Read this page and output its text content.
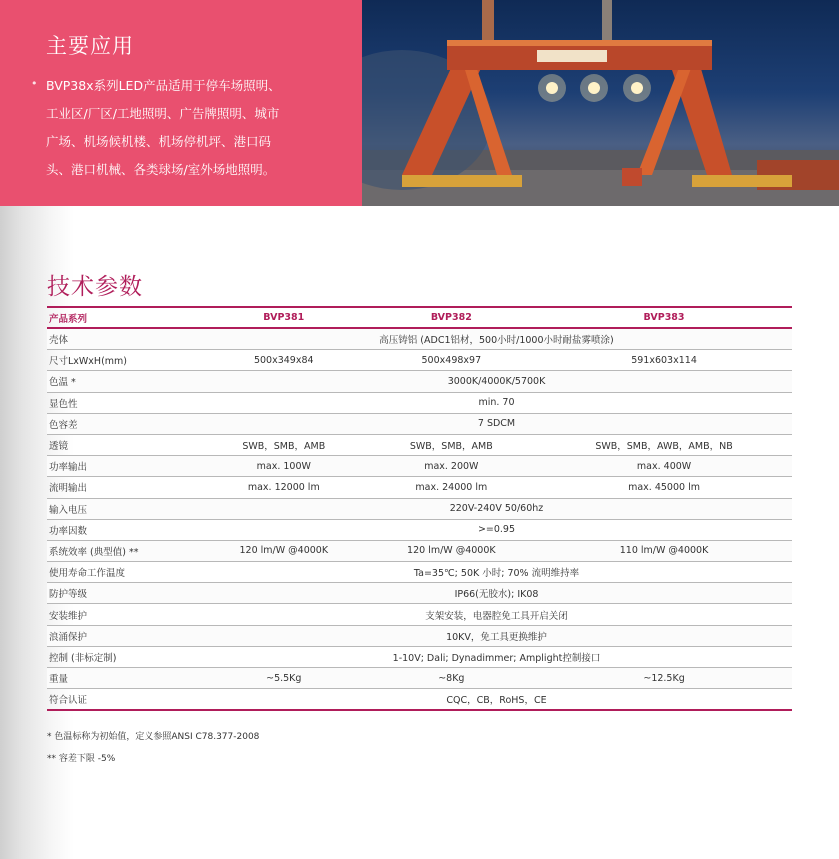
主要应用
• BVP38x系列LED产品适用于停车场照明、
工业区/厂区/工地照明、广告牌照明、城市
广场、机场候机楼、机场停机坪、港口码
头、港口机械、各类球场/室外场地照明。
技术参数
产品系列	BVP381	BVP382	BVP383
壳体	高压铸铝 (ADC1铝材，500小时/1000小时耐盐雾喷涂)		
尺寸LxWxH(mm)	500x349x84	500x498x97	591x603x114
色温 *	3000K/4000K/5700K		
显色性	min. 70		
色容差	7 SDCM		
透镜	SWB，SMB，AMB	SWB，SMB，AMB	SWB，SMB，AWB，AMB，NB
功率输出	max. 100W	max. 200W	max. 400W
流明输出	max. 12000 lm	max. 24000 lm	max. 45000 lm
输入电压	220V-240V 50/60hz		
功率因数	>=0.95		
系统效率 (典型值) **	120 lm/W @4000K	120 lm/W @4000K	110 lm/W @4000K
使用寿命工作温度	Ta=35℃; 50K 小时; 70% 流明维持率		
防护等级	IP66(无胶水); IK08		
安装维护	支架安装，电器腔免工具开启关闭		
浪涌保护	10KV，免工具更换维护		
控制 (非标定制)	1-10V; Dali; Dynadimmer; Amplight控制接口		
重量	~5.5Kg	~8Kg	~12.5Kg
符合认证	CQC，CB，RoHS，CE		
* 色温标称为初始值，定义参照ANSI C78.377-2008
** 容差下限 -5%
